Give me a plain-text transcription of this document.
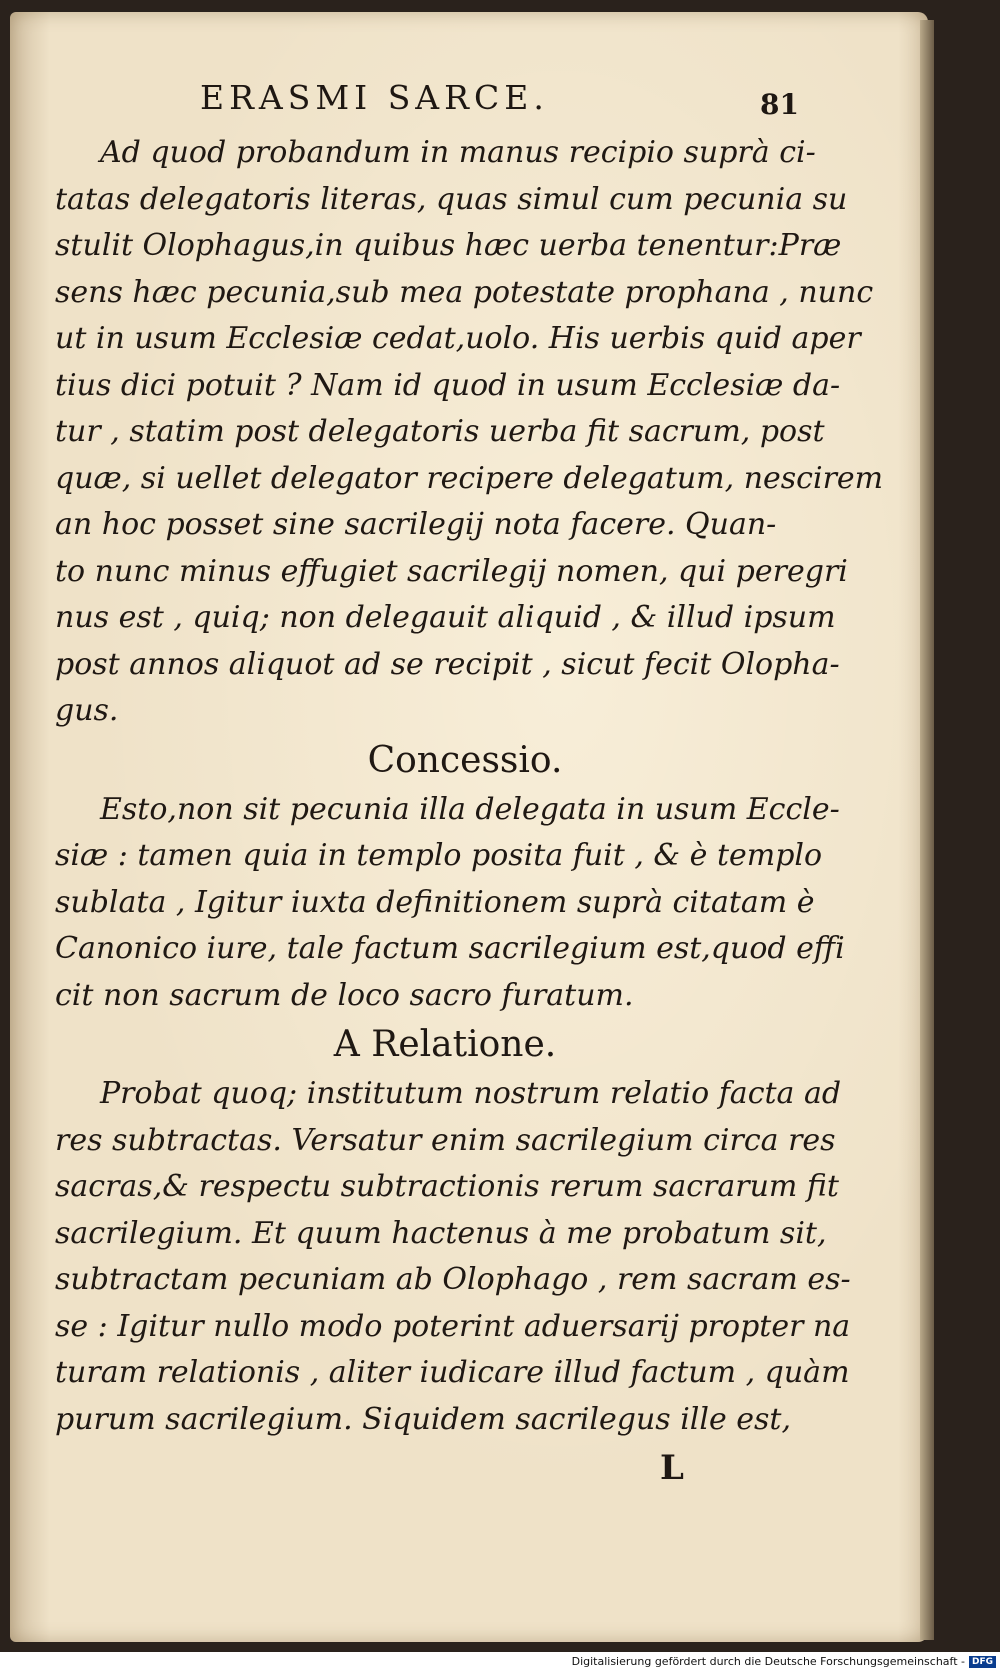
ERASMI SARCE.	81
Ad quod probandum in manus recipio suprà ci-
tatas delegatoris literas, quas simul cum pecunia su
stulit Olophagus,in quibus hæc uerba tenentur:Præ
sens hæc pecunia,sub mea potestate prophana , nunc
ut in usum Ecclesiæ cedat,uolo. His uerbis quid aper
tius dici potuit ? Nam id quod in usum Ecclesiæ da-
tur , statim post delegatoris uerba fit sacrum, post
quæ, si uellet delegator recipere delegatum, nescirem
an hoc posset sine sacrilegij nota facere. Quan-
to nunc minus effugiet sacrilegij nomen, qui peregri
nus est , quiq; non delegauit aliquid , & illud ipsum
post annos aliquot ad se recipit , sicut fecit Olopha-
gus.
Concessio.
Esto,non sit pecunia illa delegata in usum Eccle-
siæ : tamen quia in templo posita fuit , & è templo
sublata , Igitur iuxta definitionem suprà citatam è
Canonico iure, tale factum sacrilegium est,quod effi
cit non sacrum de loco sacro furatum.
A Relatione.
Probat quoq; institutum nostrum relatio facta ad
res subtractas. Versatur enim sacrilegium circa res
sacras,& respectu subtractionis rerum sacrarum fit
sacrilegium. Et quum hactenus à me probatum sit,
subtractam pecuniam ab Olophago , rem sacram es-
se : Igitur nullo modo poterint aduersarij propter na
turam relationis , aliter iudicare illud factum , quàm
purum sacrilegium. Siquidem sacrilegus ille est,
L
Digitalisierung gefördert durch die Deutsche Forschungsgemeinschaft - DFG
